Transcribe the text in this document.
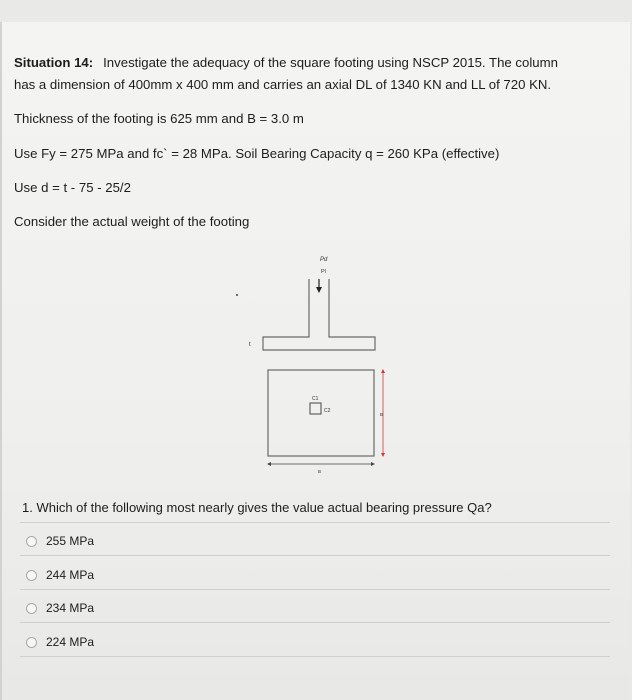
Situation 14: Investigate the adequacy of the square footing using NSCP 2015. The column
has a dimension of 400mm x 400 mm and carries an axial DL of 1340 KN and LL of 720 KN.
Thickness of the footing is 625 mm and B = 3.0 m
Use Fy = 275 MPa and fc` = 28 MPa. Soil Bearing Capacity q = 260 KPa (effective)
Use d = t - 75 - 25/2
Consider the actual weight of the footing
Pd
Pl
t
C1
C2
B
B
1. Which of the following most nearly gives the value actual bearing pressure Qa?
255 MPa
244 MPa
234 MPa
224 MPa
